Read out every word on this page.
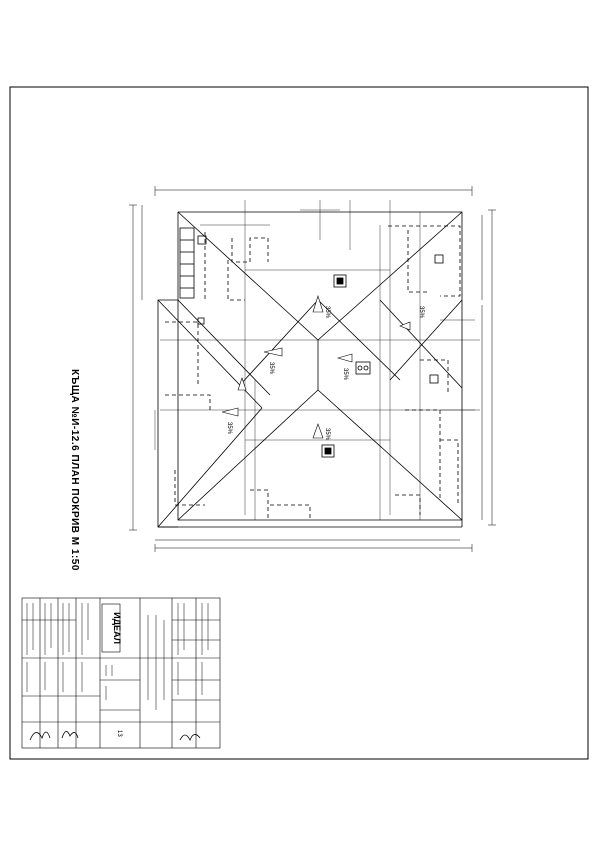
35%
35%	35%
35%	35%
35%
ИДЕАЛ
13
КЪЩА №И-12.6 ПЛАН ПОКРИВ М 1:50
